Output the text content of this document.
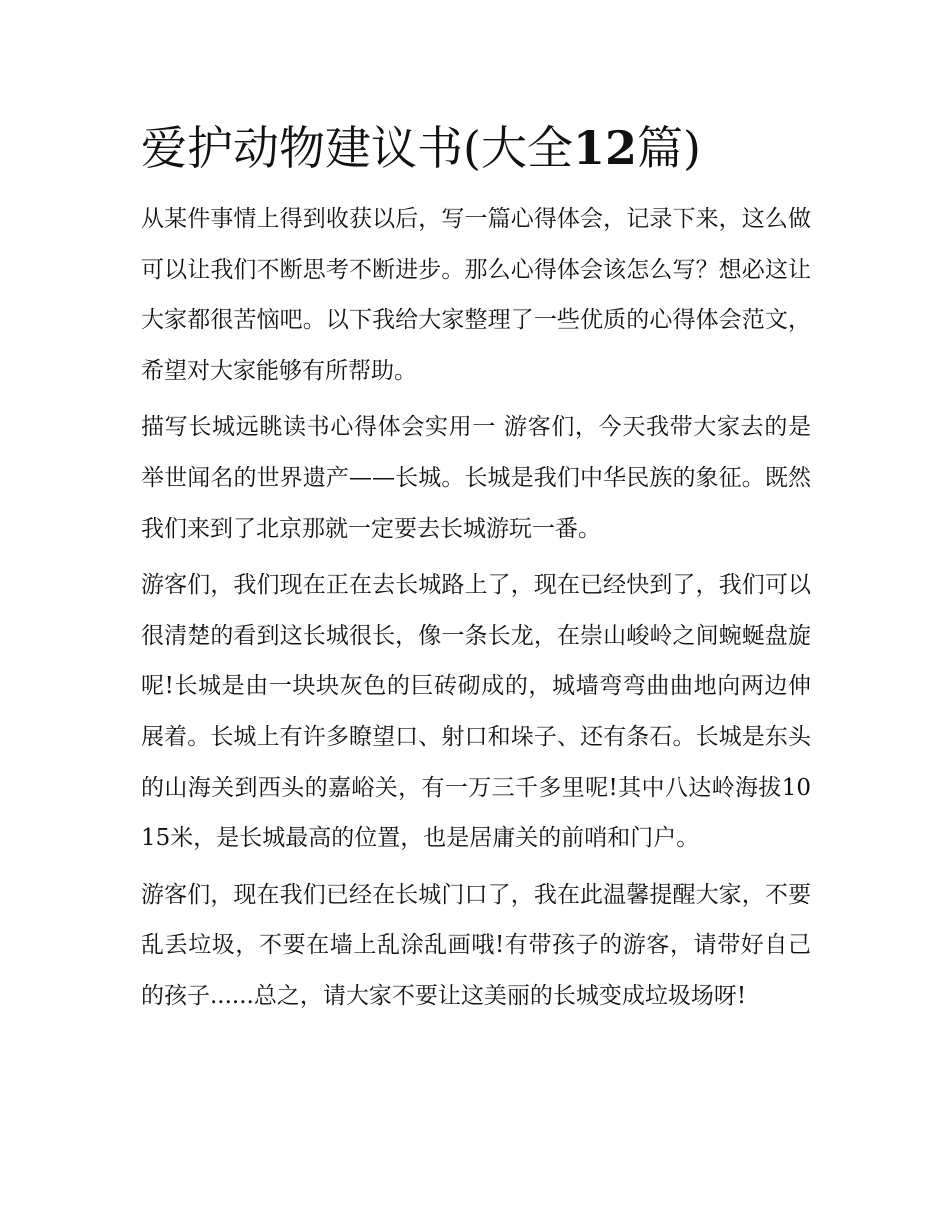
爱护动物建议书(大全12篇)

从某件事情上得到收获以后，写一篇心得体会，记录下来，这么做可以让我们不断思考不断进步。那么心得体会该怎么写？想必这让大家都很苦恼吧。以下我给大家整理了一些优质的心得体会范文，希望对大家能够有所帮助。

描写长城远眺读书心得体会实用一 游客们，今天我带大家去的是举世闻名的世界遗产——长城。长城是我们中华民族的象征。既然我们来到了北京那就一定要去长城游玩一番。

游客们，我们现在正在去长城路上了，现在已经快到了，我们可以很清楚的看到这长城很长，像一条长龙，在崇山峻岭之间蜿蜒盘旋呢!长城是由一块块灰色的巨砖砌成的，城墙弯弯曲曲地向两边伸展着。长城上有许多瞭望口、射口和垛子、还有条石。长城是东头的山海关到西头的嘉峪关，有一万三千多里呢!其中八达岭海拔1015米，是长城最高的位置，也是居庸关的前哨和门户。

游客们，现在我们已经在长城门口了，我在此温馨提醒大家，不要乱丢垃圾，不要在墙上乱涂乱画哦!有带孩子的游客，请带好自己的孩子......总之，请大家不要让这美丽的长城变成垃圾场呀!
